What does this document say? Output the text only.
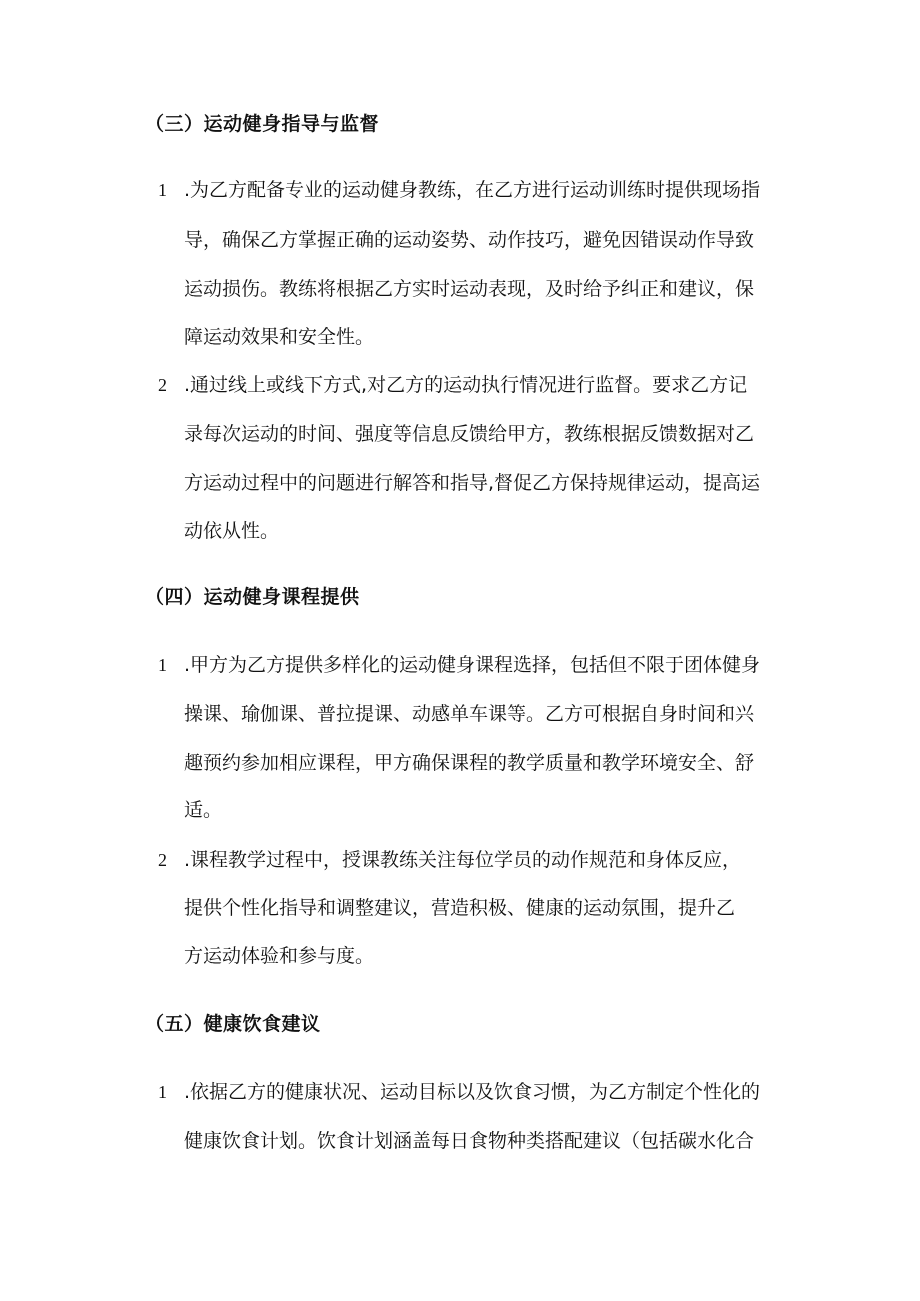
（三）运动健身指导与监督
1 .为乙方配备专业的运动健身教练，在乙方进行运动训练时提供现场指
导，确保乙方掌握正确的运动姿势、动作技巧，避免因错误动作导致
运动损伤。教练将根据乙方实时运动表现，及时给予纠正和建议，保
障运动效果和安全性。
2 .通过线上或线下方式,对乙方的运动执行情况进行监督。要求乙方记
录每次运动的时间、强度等信息反馈给甲方，教练根据反馈数据对乙
方运动过程中的问题进行解答和指导,督促乙方保持规律运动，提高运
动依从性。
（四）运动健身课程提供
1 .甲方为乙方提供多样化的运动健身课程选择，包括但不限于团体健身
操课、瑜伽课、普拉提课、动感单车课等。乙方可根据自身时间和兴
趣预约参加相应课程，甲方确保课程的教学质量和教学环境安全、舒
适。
2 .课程教学过程中，授课教练关注每位学员的动作规范和身体反应，
提供个性化指导和调整建议，营造积极、健康的运动氛围，提升乙
方运动体验和参与度。
（五）健康饮食建议
1 .依据乙方的健康状况、运动目标以及饮食习惯，为乙方制定个性化的
健康饮食计划。饮食计划涵盖每日食物种类搭配建议（包括碳水化合
